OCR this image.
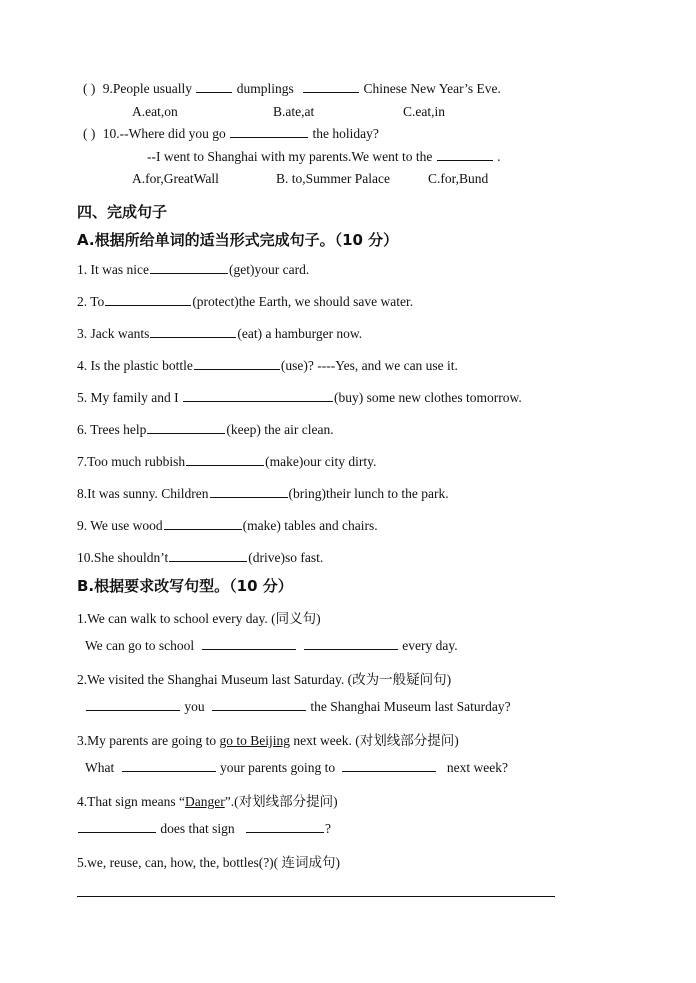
( ) 9.People usually	dumplings	Chinese New Year’s Eve.
A.eat,on	B.ate,at	C.eat,in
( ) 10.--Where did you go	the holiday?
--I went to Shanghai with my parents.We went to the	.
A.for,GreatWall	B. to,Summer Palace	C.for,Bund
四、完成句子
A.根据所给单词的适当形式完成句子。（10 分）
1. It was nice	(get)your card.
2. To	(protect)the Earth, we should save water.
3. Jack wants	(eat) a hamburger now.
4. Is the plastic bottle	(use)? ----Yes, and we can use it.
5. My family and I	(buy) some new clothes tomorrow.
6. Trees help	(keep) the air clean.
7.Too much rubbish	(make)our city dirty.
8.It was sunny. Children	(bring)their lunch to the park.
9. We use wood	(make) tables and chairs.
10.She shouldn’t	(drive)so fast.
B.根据要求改写句型。（10 分）
1.We can walk to school every day. (同义句)
We can go to school	every day.
2.We visited the Shanghai Museum last Saturday. (改为一般疑问句)
you	the Shanghai Museum last Saturday?
3.My parents are going to go to Beijing next week. (对划线部分提问)
What	your parents going to	next week?
4.That sign means “Danger”.(对划线部分提问)
does that sign	?
5.we, reuse, can, how, the, bottles(?)( 连词成句)
